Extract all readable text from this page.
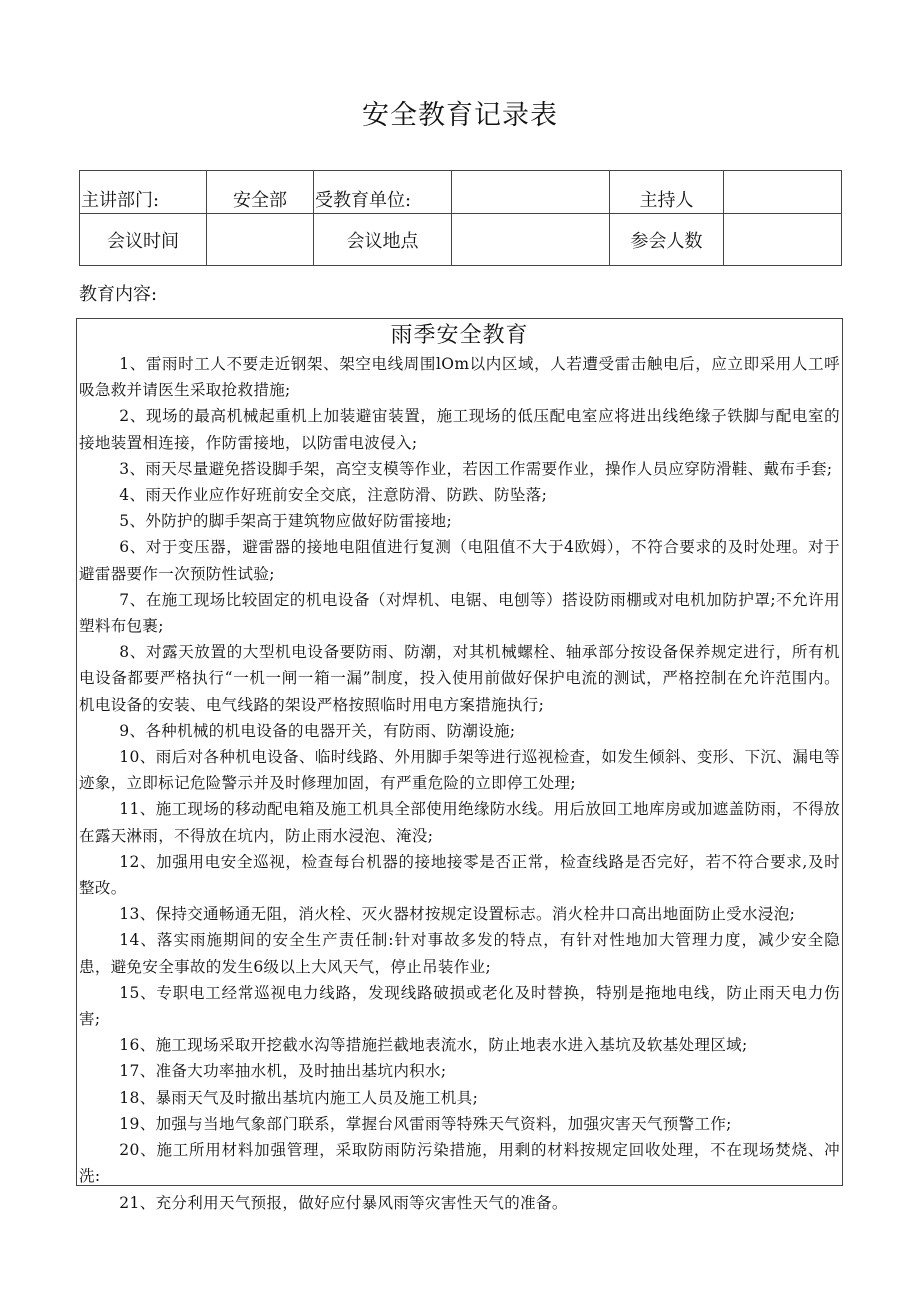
安全教育记录表
主讲部门:	安全部	受教育单位:		主持人	
会议时间		会议地点		参会人数	
教育内容:
雨季安全教育
1、雷雨时工人不要走近钢架、架空电线周围lOm以内区域，人若遭受雷击触电后，应立即采用人工呼吸急救并请医生采取抢救措施;
2、现场的最高机械起重机上加装避宙装置，施工现场的低压配电室应将进出线绝缘子铁脚与配电室的接地装置相连接，作防雷接地，以防雷电波侵入;
3、雨天尽量避免搭设脚手架，高空支模等作业，若因工作需要作业，操作人员应穿防滑鞋、戴布手套;
4、雨天作业应作好班前安全交底，注意防滑、防跌、防坠落;
5、外防护的脚手架高于建筑物应做好防雷接地;
6、对于变压器，避雷器的接地电阻值进行复测（电阻值不大于4欧姆），不符合要求的及时处理。对于避雷器要作一次预防性试验;
7、在施工现场比较固定的机电设备（对焊机、电锯、电刨等）搭设防雨棚或对电机加防护罩;不允许用塑料布包裹;
8、对露天放置的大型机电设备要防雨、防潮，对其机械螺栓、轴承部分按设备保养规定进行，所有机电设备都要严格执行“一机一闸一箱一漏”制度，投入使用前做好保护电流的测试，严格控制在允许范围内。机电设备的安装、电气线路的架设严格按照临时用电方案措施执行;
9、各种机械的机电设备的电器开关，有防雨、防潮设施;
10、雨后对各种机电设备、临时线路、外用脚手架等进行巡视检查，如发生倾斜、变形、下沉、漏电等迹象，立即标记危险警示并及时修理加固，有严重危险的立即停工处理;
11、施工现场的移动配电箱及施工机具全部使用绝缘防水线。用后放回工地库房或加遮盖防雨，不得放在露天淋雨，不得放在坑内，防止雨水浸泡、淹没;
12、加强用电安全巡视，检查每台机器的接地接零是否正常，检查线路是否完好，若不符合要求,及时整改。
13、保持交通畅通无阻，消火栓、灭火器材按规定设置标志。消火栓井口高出地面防止受水浸泡;
14、落实雨施期间的安全生产责任制:针对事故多发的特点，有针对性地加大管理力度，减少安全隐患，避免安全事故的发生6级以上大风天气，停止吊装作业;
15、专职电工经常巡视电力线路，发现线路破损或老化及时替换，特别是拖地电线，防止雨天电力伤害;
16、施工现场采取开挖截水沟等措施拦截地表流水，防止地表水进入基坑及软基处理区域;
17、准备大功率抽水机，及时抽出基坑内积水;
18、暴雨天气及时撤出基坑内施工人员及施工机具;
19、加强与当地气象部门联系，掌握台风雷雨等特殊天气资料，加强灾害天气预警工作;
20、施工所用材料加强管理，采取防雨防污染措施，用剩的材料按规定回收处理，不在现场焚烧、冲洗:
21、充分利用天气预报，做好应付暴风雨等灾害性天气的准备。
